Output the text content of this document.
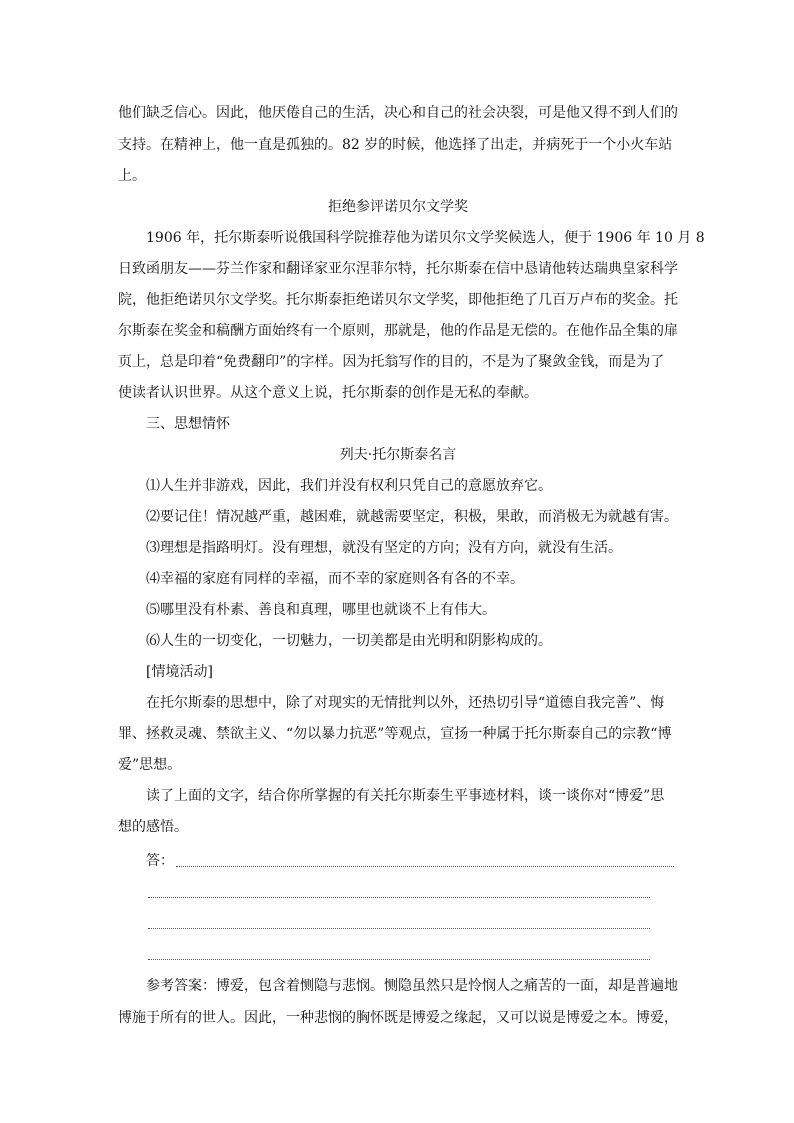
他们缺乏信心。因此，他厌倦自己的生活，决心和自己的社会决裂，可是他又得不到人们的
支持。在精神上，他一直是孤独的。82 岁的时候，他选择了出走，并病死于一个小火车站
上。
拒绝参评诺贝尔文学奖
1906 年，托尔斯泰听说俄国科学院推荐他为诺贝尔文学奖候选人，便于 1906 年 10 月 8
日致函朋友——芬兰作家和翻译家亚尔涅菲尔特，托尔斯泰在信中恳请他转达瑞典皇家科学
院，他拒绝诺贝尔文学奖。托尔斯泰拒绝诺贝尔文学奖，即他拒绝了几百万卢布的奖金。托
尔斯泰在奖金和稿酬方面始终有一个原则，那就是，他的作品是无偿的。在他作品全集的扉
页上，总是印着“免费翻印”的字样。因为托翁写作的目的，不是为了聚敛金钱，而是为了
使读者认识世界。从这个意义上说，托尔斯泰的创作是无私的奉献。
三、思想情怀
列夫·托尔斯泰名言
⑴人生并非游戏，因此，我们并没有权利只凭自己的意愿放弃它。
⑵要记住！情况越严重，越困难，就越需要坚定，积极，果敢，而消极无为就越有害。
⑶理想是指路明灯。没有理想，就没有坚定的方向；没有方向，就没有生活。
⑷幸福的家庭有同样的幸福，而不幸的家庭则各有各的不幸。
⑸哪里没有朴素、善良和真理，哪里也就谈不上有伟大。
⑹人生的一切变化，一切魅力，一切美都是由光明和阴影构成的。
[情境活动]
在托尔斯泰的思想中，除了对现实的无情批判以外，还热切引导“道德自我完善”、悔
罪、拯救灵魂、禁欲主义、“勿以暴力抗恶”等观点，宣扬一种属于托尔斯泰自己的宗教“博
爱”思想。
读了上面的文字，结合你所掌握的有关托尔斯泰生平事迹材料，谈一谈你对“博爱”思
想的感悟。
答：
参考答案：博爱，包含着恻隐与悲悯。恻隐虽然只是怜悯人之痛苦的一面，却是普遍地
博施于所有的世人。因此，一种悲悯的胸怀既是博爱之缘起，又可以说是博爱之本。博爱，
